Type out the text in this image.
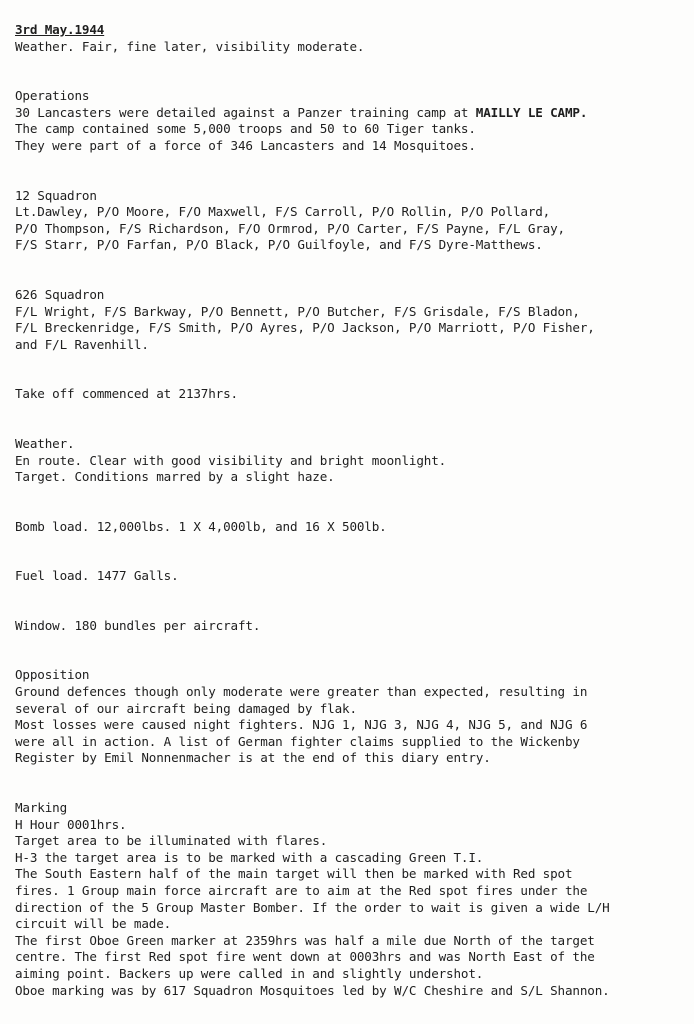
3rd May.1944
Weather. Fair, fine later, visibility moderate.
Operations
30 Lancasters were detailed against a Panzer training camp at MAILLY LE CAMP.
The camp contained some 5,000 troops and 50 to 60 Tiger tanks.
They were part of a force of 346 Lancasters and 14 Mosquitoes.
12 Squadron
Lt.Dawley, P/O Moore, F/O Maxwell, F/S Carroll, P/O Rollin, P/O Pollard,
P/O Thompson, F/S Richardson, F/O Ormrod, P/O Carter, F/S Payne, F/L Gray,
F/S Starr, P/O Farfan, P/O Black, P/O Guilfoyle, and F/S Dyre-Matthews.
626 Squadron
F/L Wright, F/S Barkway, P/O Bennett, P/O Butcher, F/S Grisdale, F/S Bladon,
F/L Breckenridge, F/S Smith, P/O Ayres, P/O Jackson, P/O Marriott, P/O Fisher,
and F/L Ravenhill.
Take off commenced at 2137hrs.
Weather.
En route. Clear with good visibility and bright moonlight.
Target. Conditions marred by a slight haze.
Bomb load. 12,000lbs. 1 X 4,000lb, and 16 X 500lb.
Fuel load. 1477 Galls.
Window. 180 bundles per aircraft.
Opposition
Ground defences though only moderate were greater than expected, resulting in
several of our aircraft being damaged by flak.
Most losses were caused night fighters. NJG 1, NJG 3, NJG 4, NJG 5, and NJG 6
were all in action. A list of German fighter claims supplied to the Wickenby
Register by Emil Nonnenmacher is at the end of this diary entry.
Marking
H Hour 0001hrs.
Target area to be illuminated with flares.
H-3 the target area is to be marked with a cascading Green T.I.
The South Eastern half of the main target will then be marked with Red spot
fires. 1 Group main force aircraft are to aim at the Red spot fires under the
direction of the 5 Group Master Bomber. If the order to wait is given a wide L/H
circuit will be made.
The first Oboe Green marker at 2359hrs was half a mile due North of the target
centre. The first Red spot fire went down at 0003hrs and was North East of the
aiming point. Backers up were called in and slightly undershot.
Oboe marking was by 617 Squadron Mosquitoes led by W/C Cheshire and S/L Shannon.
